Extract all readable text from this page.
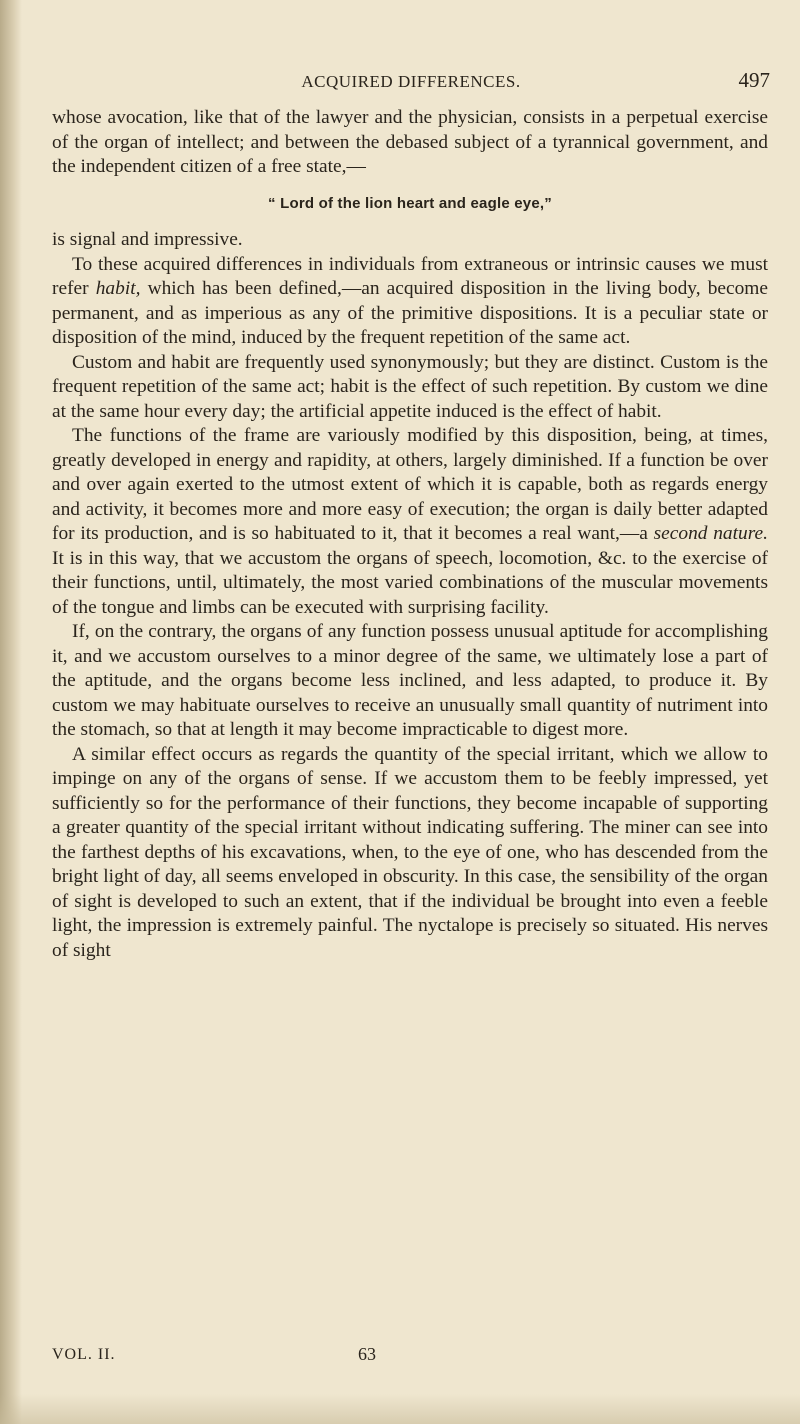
ACQUIRED DIFFERENCES.	497

whose avocation, like that of the lawyer and the physician, consists in a perpetual exercise of the organ of intellect; and between the debased subject of a tyrannical government, and the independent citizen of a free state,—

“ Lord of the lion heart and eagle eye,”

is signal and impressive.

To these acquired differences in individuals from extraneous or intrinsic causes we must refer habit, which has been defined,—an acquired disposition in the living body, become permanent, and as imperious as any of the primitive dispositions. It is a peculiar state or disposition of the mind, induced by the frequent repetition of the same act.

Custom and habit are frequently used synonymously; but they are distinct. Custom is the frequent repetition of the same act; habit is the effect of such repetition. By custom we dine at the same hour every day; the artificial appetite induced is the effect of habit.

The functions of the frame are variously modified by this disposition, being, at times, greatly developed in energy and rapidity, at others, largely diminished. If a function be over and over again exerted to the utmost extent of which it is capable, both as regards energy and activity, it becomes more and more easy of execution; the organ is daily better adapted for its production, and is so habituated to it, that it becomes a real want,—a second nature. It is in this way, that we accustom the organs of speech, locomotion, &c. to the exercise of their functions, until, ultimately, the most varied combinations of the muscular movements of the tongue and limbs can be executed with surprising facility.

If, on the contrary, the organs of any function possess unusual aptitude for accomplishing it, and we accustom ourselves to a minor degree of the same, we ultimately lose a part of the aptitude, and the organs become less inclined, and less adapted, to produce it. By custom we may habituate ourselves to receive an unusually small quantity of nutriment into the stomach, so that at length it may become impracticable to digest more.

A similar effect occurs as regards the quantity of the special irritant, which we allow to impinge on any of the organs of sense. If we accustom them to be feebly impressed, yet sufficiently so for the performance of their functions, they become incapable of supporting a greater quantity of the special irritant without indicating suffering. The miner can see into the farthest depths of his excavations, when, to the eye of one, who has descended from the bright light of day, all seems enveloped in obscurity. In this case, the sensibility of the organ of sight is developed to such an extent, that if the individual be brought into even a feeble light, the impression is extremely painful. The nyctalope is precisely so situated. His nerves of sight

VOL. II.	63
